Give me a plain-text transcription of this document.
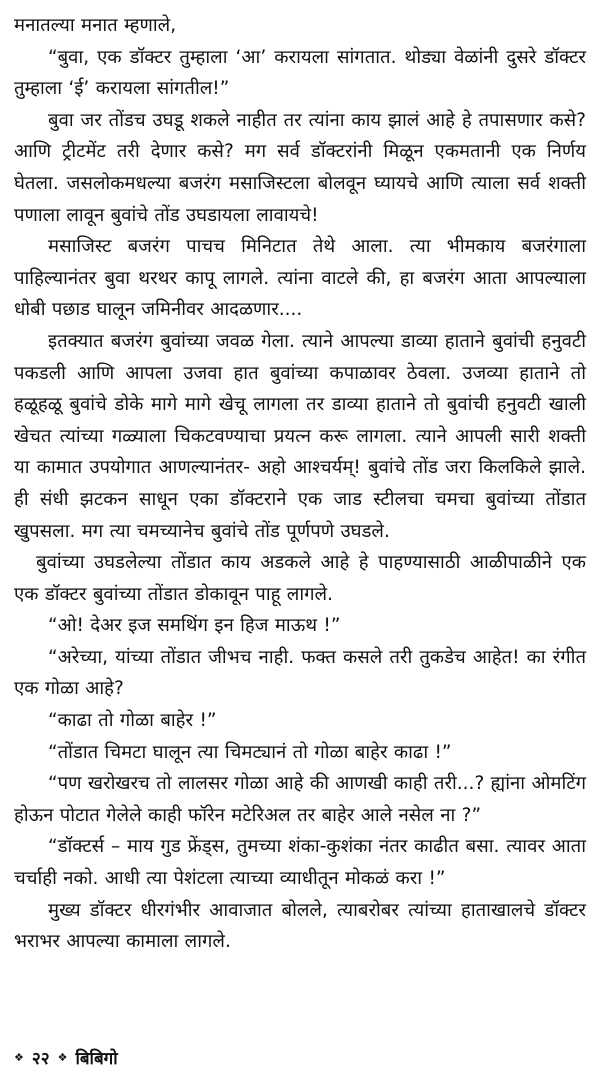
मनातल्या मनात म्हणाले,

“बुवा, एक डॉक्टर तुम्हाला ‘आ’ करायला सांगतात. थोड्या वेळांनी दुसरे डॉक्टर तुम्हाला ‘ई’ करायला सांगतील!”

बुवा जर तोंडच उघडू शकले नाहीत तर त्यांना काय झालं आहे हे तपासणार कसे? आणि ट्रीटमेंट तरी देणार कसे? मग सर्व डॉक्टरांनी मिळून एकमतानी एक निर्णय घेतला. जसलोकमधल्या बजरंग मसाजिस्टला बोलवून घ्यायचे आणि त्याला सर्व शक्ती पणाला लावून बुवांचे तोंड उघडायला लावायचे!

मसाजिस्ट बजरंग पाचच मिनिटात तेथे आला. त्या भीमकाय बजरंगाला पाहिल्यानंतर बुवा थरथर कापू लागले. त्यांना वाटले की, हा बजरंग आता आपल्याला धोबी पछाड घालून जमिनीवर आदळणार....

इतक्यात बजरंग बुवांच्या जवळ गेला. त्याने आपल्या डाव्या हाताने बुवांची हनुवटी पकडली आणि आपला उजवा हात बुवांच्या कपाळावर ठेवला. उजव्या हाताने तो हळूहळू बुवांचे डोके मागे मागे खेचू लागला तर डाव्या हाताने तो बुवांची हनुवटी खाली खेचत त्यांच्या गळ्याला चिकटवण्याचा प्रयत्न करू लागला. त्याने आपली सारी शक्ती या कामात उपयोगात आणल्यानंतर- अहो आश्चर्यम्! बुवांचे तोंड जरा किलकिले झाले. ही संधी झटकन साधून एका डॉक्टराने एक जाड स्टीलचा चमचा बुवांच्या तोंडात खुपसला. मग त्या चमच्यानेच बुवांचे तोंड पूर्णपणे उघडले.

बुवांच्या उघडलेल्या तोंडात काय अडकले आहे हे पाहण्यासाठी आळीपाळीने एक एक डॉक्टर बुवांच्या तोंडात डोकावून पाहू लागले.

“ओ! देअर इज समथिंग इन हिज माऊथ !”

“अरेच्या, यांच्या तोंडात जीभच नाही. फक्त कसले तरी तुकडेच आहेत! का रंगीत एक गोळा आहे?

“काढा तो गोळा बाहेर !”

“तोंडात चिमटा घालून त्या चिमट्यानं तो गोळा बाहेर काढा !”

“पण खरोखरच तो लालसर गोळा आहे की आणखी काही तरी...? ह्यांना ओमटिंग होऊन पोटात गेलेले काही फॉरेन मटेरिअल तर बाहेर आले नसेल ना ?”

“डॉक्टर्स – माय गुड फ्रेंड्स, तुमच्या शंका-कुशंका नंतर काढीत बसा. त्यावर आता चर्चाही नको. आधी त्या पेशंटला त्याच्या व्याधीतून मोकळं करा !”

मुख्य डॉक्टर धीरगंभीर आवाजात बोलले, त्याबरोबर त्यांच्या हाताखालचे डॉक्टर भराभर आपल्या कामाला लागले.

❖ २२ ❖ बिबिगो
